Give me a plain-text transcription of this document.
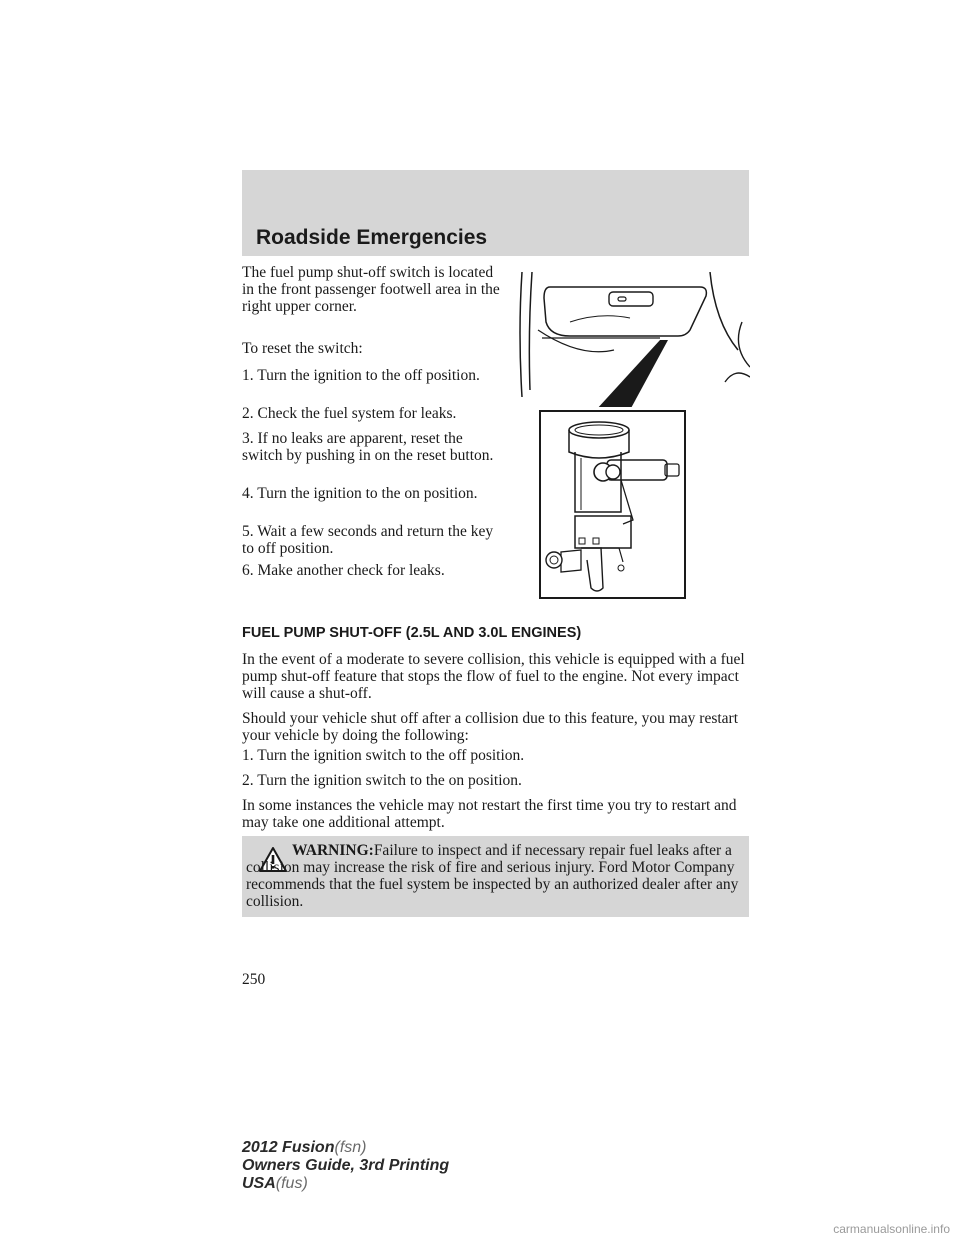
Roadside Emergencies

The fuel pump shut-off switch is located in the front passenger footwell area in the right upper corner.

To reset the switch:

1. Turn the ignition to the off position.

2. Check the fuel system for leaks.

3. If no leaks are apparent, reset the switch by pushing in on the reset button.

4. Turn the ignition to the on position.

5. Wait a few seconds and return the key to off position.

6. Make another check for leaks.

FUEL PUMP SHUT-OFF (2.5L AND 3.0L ENGINES)

In the event of a moderate to severe collision, this vehicle is equipped with a fuel pump shut-off feature that stops the flow of fuel to the engine. Not every impact will cause a shut-off.

Should your vehicle shut off after a collision due to this feature, you may restart your vehicle by doing the following:

1. Turn the ignition switch to the off position.

2. Turn the ignition switch to the on position.

In some instances the vehicle may not restart the first time you try to restart and may take one additional attempt.

WARNING:Failure to inspect and if necessary repair fuel leaks after a collision may increase the risk of fire and serious injury. Ford Motor Company recommends that the fuel system be inspected by an authorized dealer after any collision.

250
2012 Fusion(fsn)
Owners Guide, 3rd Printing
USA(fus)
carmanualsonline.info
